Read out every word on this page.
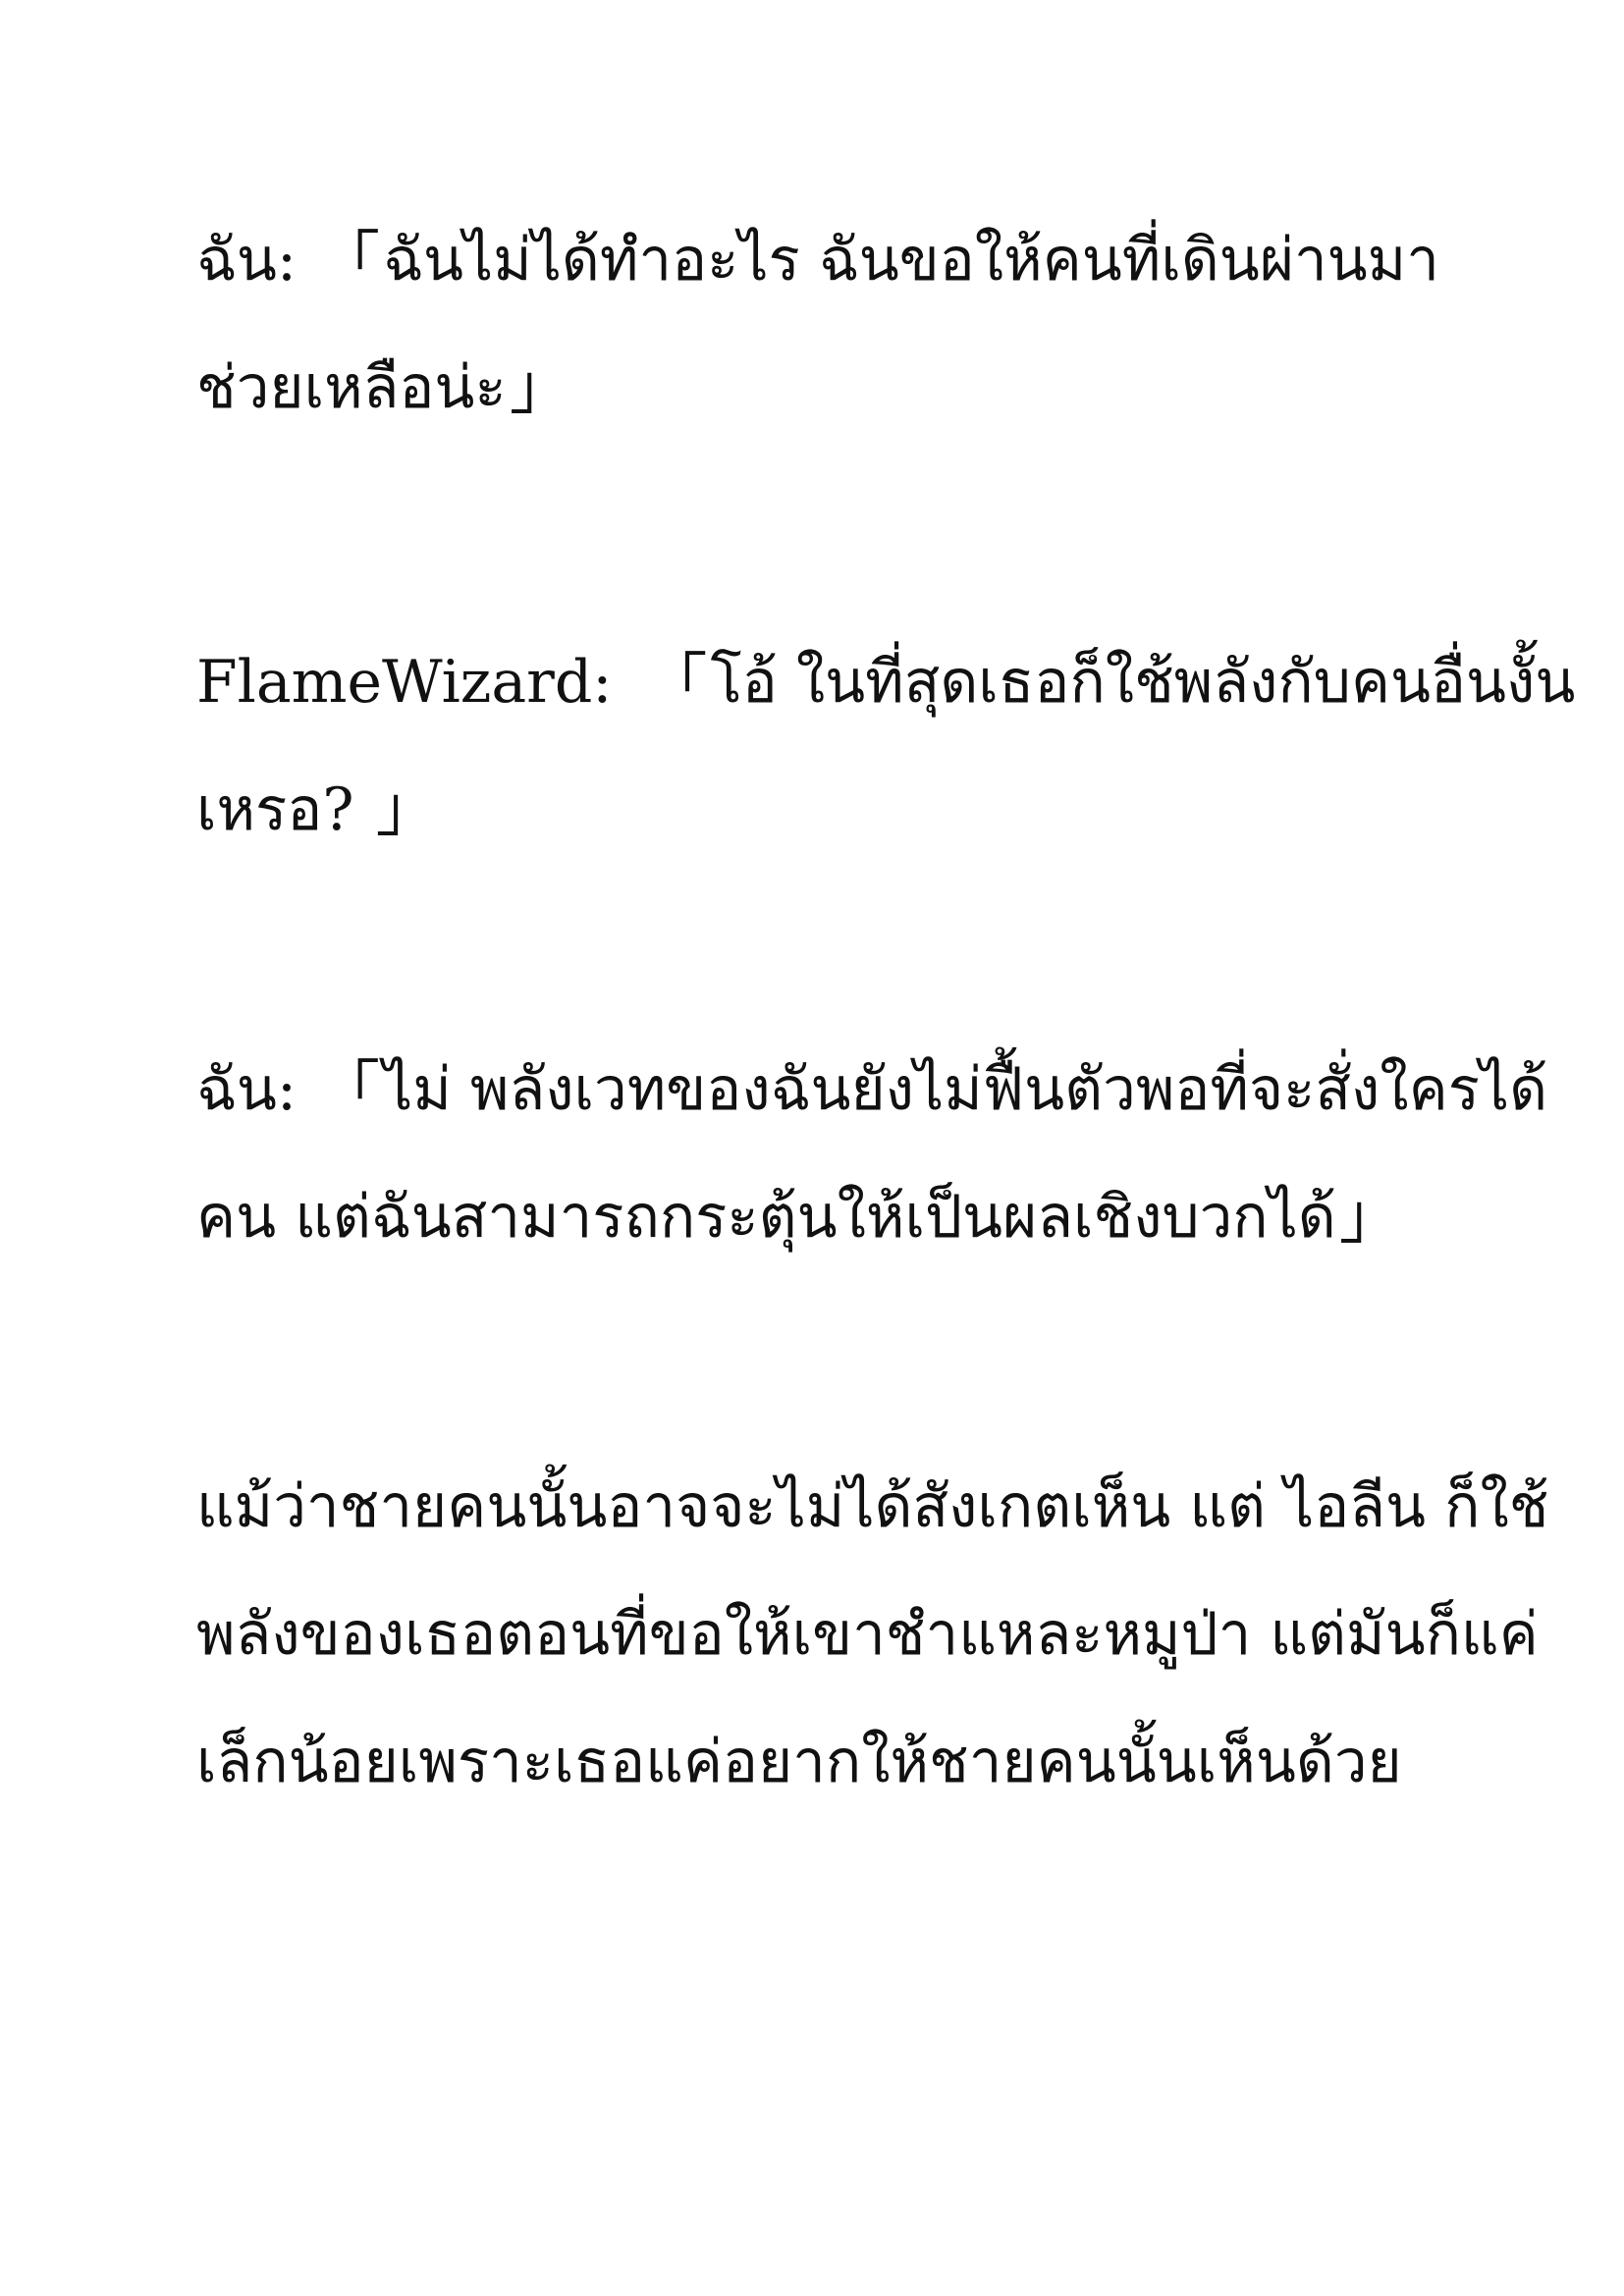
ฉัน: 「ฉันไม่ได้ทำอะไร ฉันขอให้คนที่เดินผ่านมา
ช่วยเหลือน่ะ」

FlameWizard: 「โอ้ ในที่สุดเธอก็ใช้พลังกับคนอื่นงั้น
เหรอ? 」

ฉัน: 「ไม่ พลังเวทของฉันยังไม่ฟื้นตัวพอที่จะสั่งใครได้
คน แต่ฉันสามารถกระตุ้นให้เป็นผลเชิงบวกได้」

แม้ว่าชายคนนั้นอาจจะไม่ได้สังเกตเห็น แต่ ไอลีน ก็ใช้
พลังของเธอตอนที่ขอให้เขาชำแหละหมูป่า แต่มันก็แค่
เล็กน้อยเพราะเธอแค่อยากให้ชายคนนั้นเห็นด้วย
